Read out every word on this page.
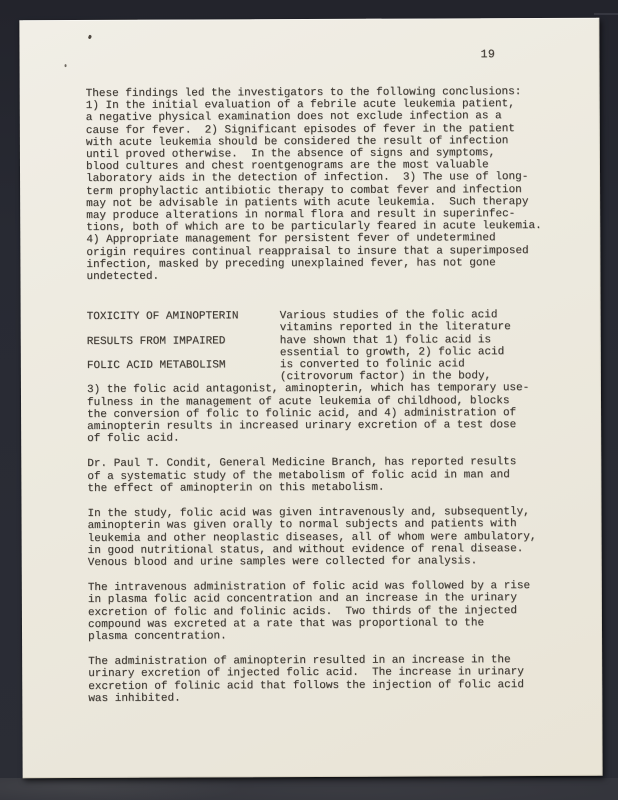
19

These findings led the investigators to the following conclusions:
1) In the initial evaluation of a febrile acute leukemia patient,
a negative physical examination does not exclude infection as a
cause for fever.  2) Significant episodes of fever in the patient
with acute leukemia should be considered the result of infection
until proved otherwise.  In the absence of signs and symptoms,
blood cultures and chest roentgenograms are the most valuable
laboratory aids in the detection of infection.  3) The use of long-
term prophylactic antibiotic therapy to combat fever and infection
may not be advisable in patients with acute leukemia.  Such therapy
may produce alterations in normal flora and result in superinfec-
tions, both of which are to be particularly feared in acute leukemia.
4) Appropriate management for persistent fever of undetermined
origin requires continual reappraisal to insure that a superimposed
infection, masked by preceding unexplained fever, has not gone
undetected.

TOXICITY OF AMINOPTERIN

RESULTS FROM IMPAIRED

FOLIC ACID METABOLISM
Various studies of the folic acid
vitamins reported in the literature
have shown that 1) folic acid is
essential to growth, 2) folic acid
is converted to folinic acid
(citrovorum factor) in the body,

3) the folic acid antagonist, aminopterin, which has temporary use-
fulness in the management of acute leukemia of childhood, blocks
the conversion of folic to folinic acid, and 4) administration of
aminopterin results in increased urinary excretion of a test dose
of folic acid.

Dr. Paul T. Condit, General Medicine Branch, has reported results
of a systematic study of the metabolism of folic acid in man and
the effect of aminopterin on this metabolism.

In the study, folic acid was given intravenously and, subsequently,
aminopterin was given orally to normal subjects and patients with
leukemia and other neoplastic diseases, all of whom were ambulatory,
in good nutritional status, and without evidence of renal disease.
Venous blood and urine samples were collected for analysis.

The intravenous administration of folic acid was followed by a rise
in plasma folic acid concentration and an increase in the urinary
excretion of folic and folinic acids.  Two thirds of the injected
compound was excreted at a rate that was proportional to the
plasma concentration.

The administration of aminopterin resulted in an increase in the
urinary excretion of injected folic acid.  The increase in urinary
excretion of folinic acid that follows the injection of folic acid
was inhibited.
